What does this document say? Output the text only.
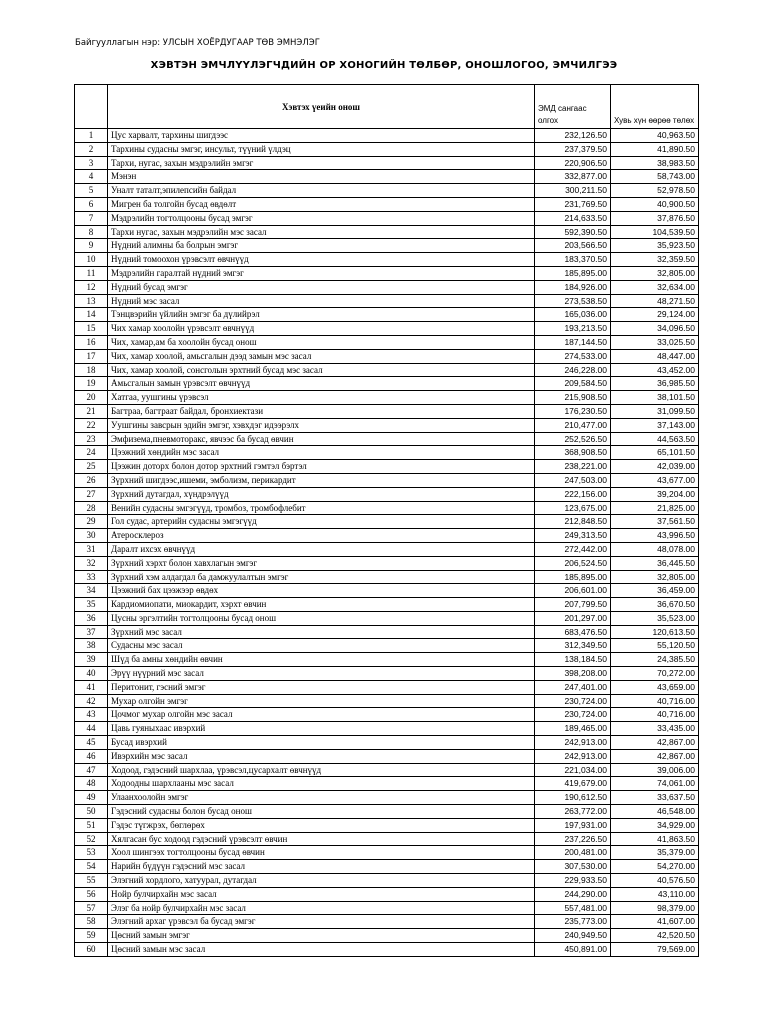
Байгууллагын нэр: УЛСЫН ХОЁРДУГААР ТӨВ ЭМНЭЛЭГ
ХЭВТЭН ЭМЧЛҮҮЛЭГЧДИЙН ОР ХОНОГИЙН ТӨЛБӨР, ОНОШЛОГОО, ЭМЧИЛГЭЭ
	Хэвтэх үеийн онош	ЭМД сангаас олгох	Хувь хүн өөрөө төлөх
1	Цус харвалт, тархины шигдээс	232,126.50	40,963.50
2	Тархины судасны эмгэг, инсульт, түүний үлдэц	237,379.50	41,890.50
3	Тархи, нугас, захын мэдрэлийн эмгэг	220,906.50	38,983.50
4	Мэнэн	332,877.00	58,743.00
5	Уналт таталт,эпилепсийн байдал	300,211.50	52,978.50
6	Мигрен ба толгойн бусад өвдөлт	231,769.50	40,900.50
7	Мэдрэлийн тогтолцооны бусад эмгэг	214,633.50	37,876.50
8	Тархи нугас, захын мэдрэлийн мэс засал	592,390.50	104,539.50
9	Нүдний алимны ба болрын эмгэг	203,566.50	35,923.50
10	Нүдний томоохон үрэвсэлт өвчнүүд	183,370.50	32,359.50
11	Мэдрэлийн гаралтай нүдний эмгэг	185,895.00	32,805.00
12	Нүдний бусад эмгэг	184,926.00	32,634.00
13	Нүдний мэс засал	273,538.50	48,271.50
14	Тэнцвэрийн үйлийн эмгэг ба дүлийрэл	165,036.00	29,124.00
15	Чих хамар хоолойн үрэвсэлт өвчнүүд	193,213.50	34,096.50
16	Чих, хамар,ам ба хоолойн бусад онош	187,144.50	33,025.50
17	Чих, хамар хоолой, амьсгалын дээд замын мэс засал	274,533.00	48,447.00
18	Чих, хамар хоолой, сонсголын эрхтний бусад мэс засал	246,228.00	43,452.00
19	Амьсгалын замын үрэвсэлт өвчнүүд	209,584.50	36,985.50
20	Хатгаа, уушгины үрэвсэл	215,908.50	38,101.50
21	Багтраа, багтраат байдал, бронхиектази	176,230.50	31,099.50
22	Уушгины завсрын эдийн эмгэг, хэвхдэг идээрэлх	210,477.00	37,143.00
23	Эмфизема,пневмоторакс, явчээс ба бусад өвчин	252,526.50	44,563.50
24	Цээжний хөндийн мэс засал	368,908.50	65,101.50
25	Цээжин доторх болон дотор эрхтний гэмтэл бэртэл	238,221.00	42,039.00
26	Зүрхний шигдээс,ишеми, эмболизм, перикардит	247,503.00	43,677.00
27	Зүрхний дутагдал, хүндрэлүүд	222,156.00	39,204.00
28	Венийн судасны эмгэгүүд, тромбоз, тромбофлебит	123,675.00	21,825.00
29	Гол судас, артерийн судасны эмгэгүүд	212,848.50	37,561.50
30	Атеросклероз	249,313.50	43,996.50
31	Даралт ихсэх өвчнүүд	272,442.00	48,078.00
32	Зүрхний хэрхт болон хавхлагын эмгэг	206,524.50	36,445.50
33	Зүрхний хэм алдагдал ба дамжуулалтын эмгэг	185,895.00	32,805.00
34	Цээжний бах цээжээр өвдөх	206,601.00	36,459.00
35	Кардиомиопати, миокардит, хэрхт өвчин	207,799.50	36,670.50
36	Цусны эргэлтийн тогтолцооны бусад онош	201,297.00	35,523.00
37	Зүрхний мэс засал	683,476.50	120,613.50
38	Судасны мэс засал	312,349.50	55,120.50
39	Шүд ба амны хөндийн өвчин	138,184.50	24,385.50
40	Эрүү нүүрний мэс засал	398,208.00	70,272.00
41	Перитонит, гэсний эмгэг	247,401.00	43,659.00
42	Мухар олгойн эмгэг	230,724.00	40,716.00
43	Цочмог мухар олгойн мэс засал	230,724.00	40,716.00
44	Цавь гуяныхаас ивэрхий	189,465.00	33,435.00
45	Бусад ивэрхий	242,913.00	42,867.00
46	Ивэрхийн мэс засал	242,913.00	42,867.00
47	Ходоод, гэдэсний шархлаа, үрэвсэл,цусархалт өвчнүүд	221,034.00	39,006.00
48	Ходоодны шархлааны мэс засал	419,679.00	74,061.00
49	Улаанхоолойн эмгэг	190,612.50	33,637.50
50	Гэдэсний судасны болон бусад онош	263,772.00	46,548.00
51	Гэдэс түгжрэх, бөглөрөх	197,931.00	34,929.00
52	Хялгасан бус ходоод гэдэсний үрэвсэлт өвчин	237,226.50	41,863.50
53	Хоол шингээх тогтолцооны бусад өвчин	200,481.00	35,379.00
54	Нарийн бүдүүн гэдэсний мэс засал	307,530.00	54,270.00
55	Элэгний хордлого, хатуурал, дутагдал	229,933.50	40,576.50
56	Нойр булчирхайн мэс засал	244,290.00	43,110.00
57	Элэг ба нойр булчирхайн мэс засал	557,481.00	98,379.00
58	Элэгний архаг үрэвсэл ба бусад эмгэг	235,773.00	41,607.00
59	Цөсний замын эмгэг	240,949.50	42,520.50
60	Цөсний замын мэс засал	450,891.00	79,569.00
